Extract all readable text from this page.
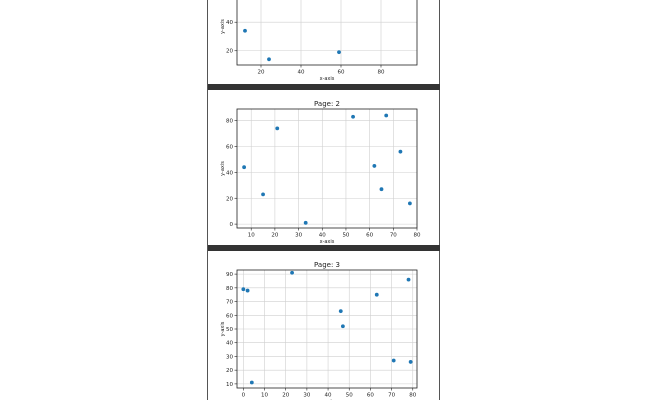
20	40	60	80
20
40
x-axis
y-axis
10	20	30	40	50	60	70	80
0
20
40
60
80
x-axis
y-axis
Page: 2
0	10	20	30	40	50	60	70	80
10
20
30
40
50
60
70
80
90
y-axis
Page: 3
